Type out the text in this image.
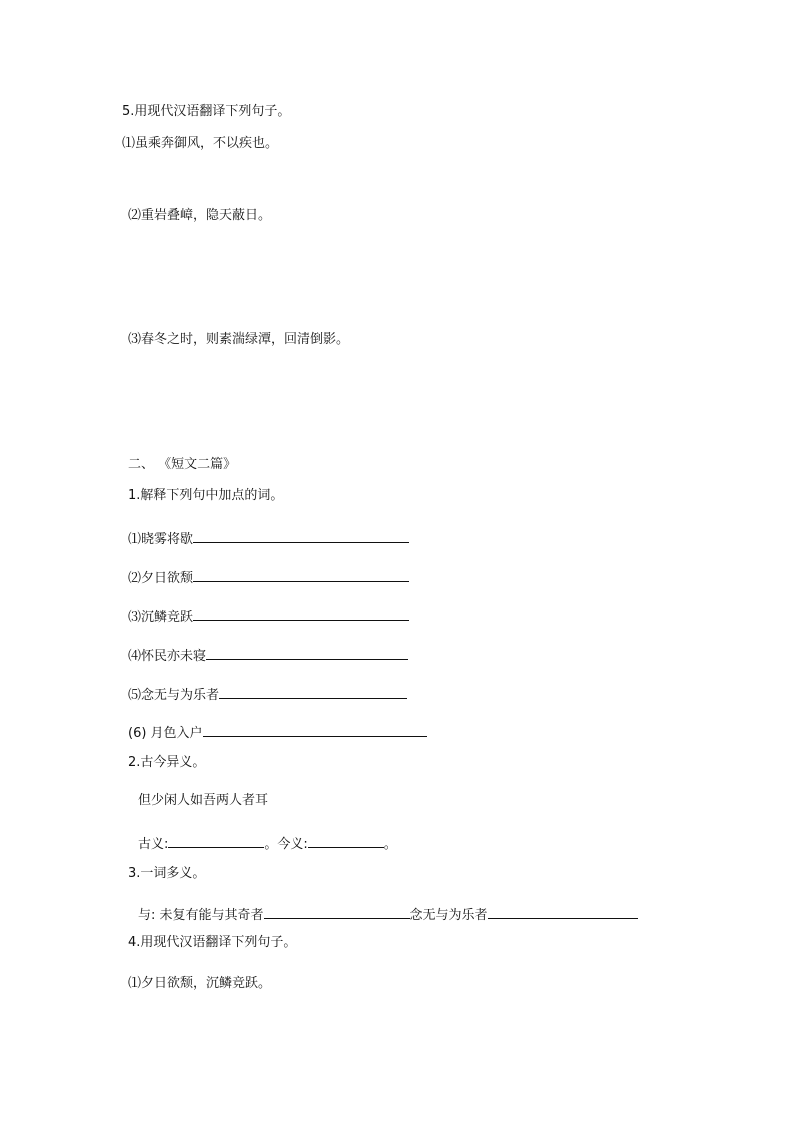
5.用现代汉语翻译下列句子。
⑴虽乘奔御风，不以疾也。
⑵重岩叠嶂，隐天蔽日。
⑶春冬之时，则素湍绿潭，回清倒影。
二、 《短文二篇》
1.解释下列句中加点的词。
⑴晓雾将歇
⑵夕日欲颓
⑶沉鳞竞跃
⑷怀民亦未寝
⑸念无与为乐者
(6) 月色入户
2.古今异义。
但少闲人如吾两人者耳
古义:	。今义:	。
3.一词多义。
与: 未复有能与其奇者	念无与为乐者
4.用现代汉语翻译下列句子。
⑴夕日欲颓，沉鳞竞跃。
